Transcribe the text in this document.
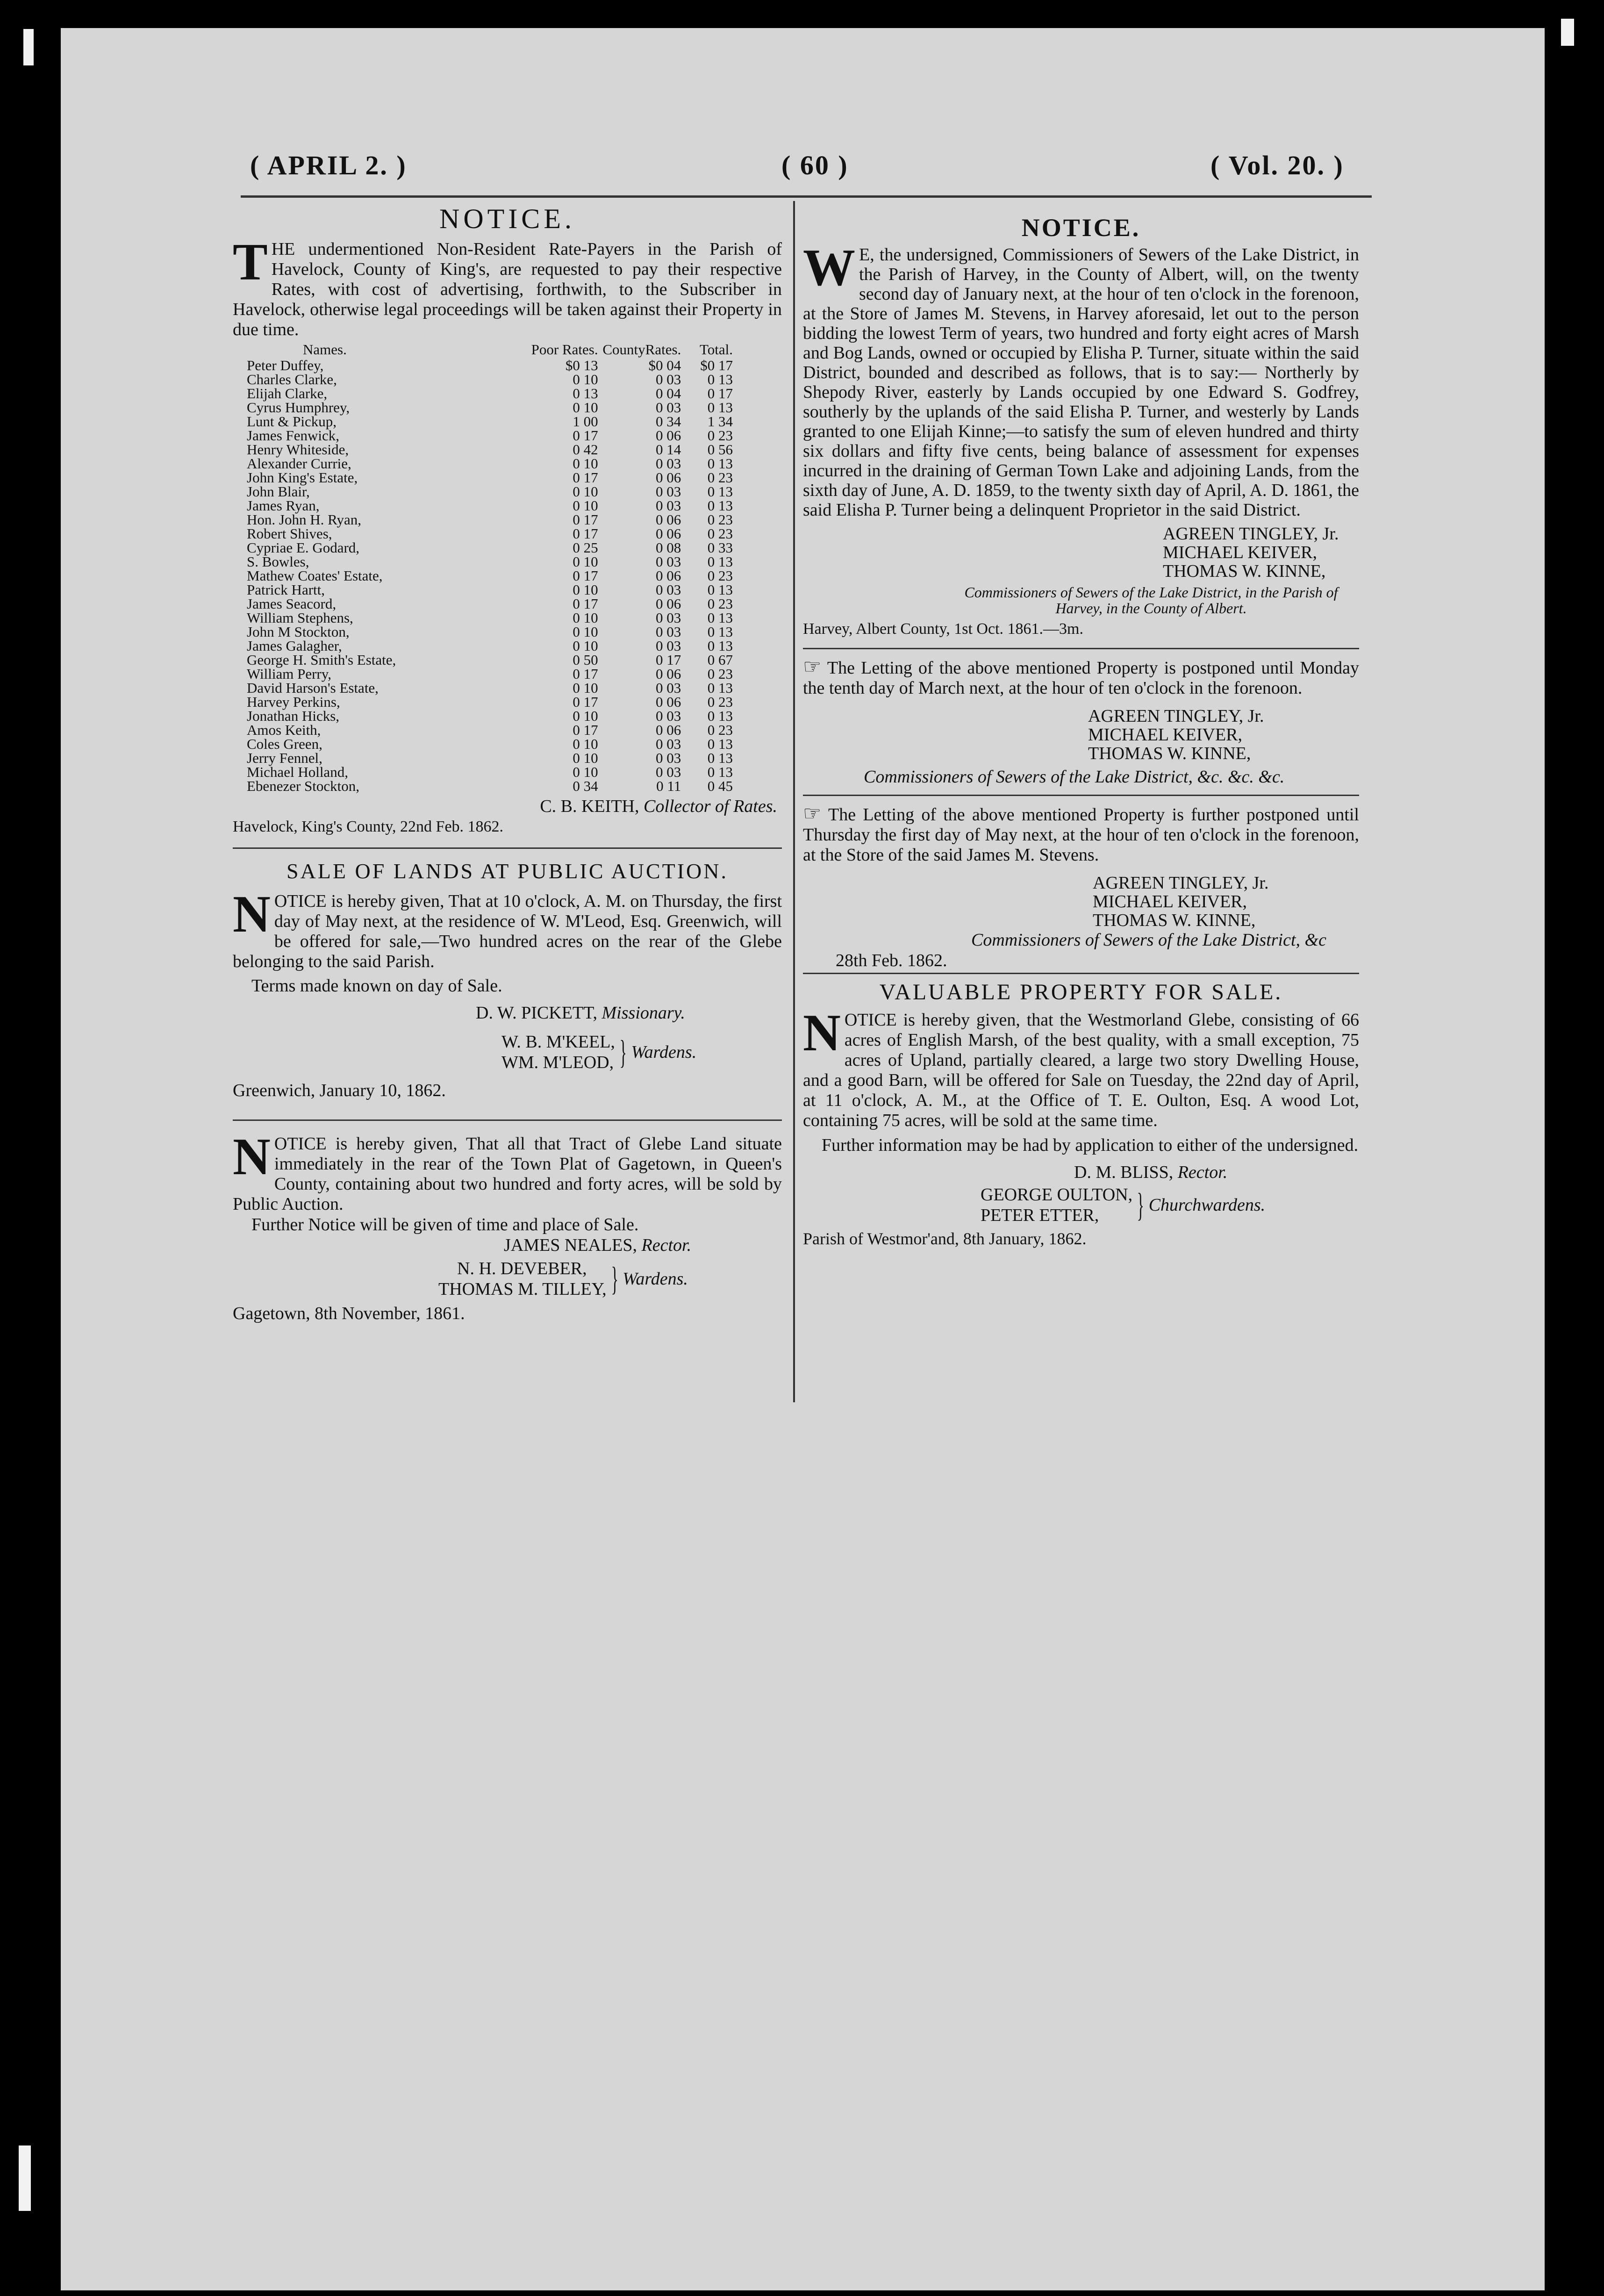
( APRIL 2. )	( 60 )	( Vol. 20. )
NOTICE.

THE undermentioned Non-Resident Rate-Payers in the Parish of Havelock, County of King's, are requested to pay their respective Rates, with cost of advertising, forthwith, to the Subscriber in Havelock, otherwise legal proceedings will be taken against their Property in due time.

Names.	Poor Rates.	CountyRates.	Total.
Peter Duffey,	$0 13	$0 04	$0 17
Charles Clarke,	0 10	0 03	0 13
Elijah Clarke,	0 13	0 04	0 17
Cyrus Humphrey,	0 10	0 03	0 13
Lunt & Pickup,	1 00	0 34	1 34
James Fenwick,	0 17	0 06	0 23
Henry Whiteside,	0 42	0 14	0 56
Alexander Currie,	0 10	0 03	0 13
John King's Estate,	0 17	0 06	0 23
John Blair,	0 10	0 03	0 13
James Ryan,	0 10	0 03	0 13
Hon. John H. Ryan,	0 17	0 06	0 23
Robert Shives,	0 17	0 06	0 23
Cypriae E. Godard,	0 25	0 08	0 33
S. Bowles,	0 10	0 03	0 13
Mathew Coates' Estate,	0 17	0 06	0 23
Patrick Hartt,	0 10	0 03	0 13
James Seacord,	0 17	0 06	0 23
William Stephens,	0 10	0 03	0 13
John M Stockton,	0 10	0 03	0 13
James Galagher,	0 10	0 03	0 13
George H. Smith's Estate,	0 50	0 17	0 67
William Perry,	0 17	0 06	0 23
David Harson's Estate,	0 10	0 03	0 13
Harvey Perkins,	0 17	0 06	0 23
Jonathan Hicks,	0 10	0 03	0 13
Amos Keith,	0 17	0 06	0 23
Coles Green,	0 10	0 03	0 13
Jerry Fennel,	0 10	0 03	0 13
Michael Holland,	0 10	0 03	0 13
Ebenezer Stockton,	0 34	0 11	0 45
C. B. KEITH, Collector of Rates.
Havelock, King's County, 22nd Feb. 1862.
SALE OF LANDS AT PUBLIC AUCTION.

NOTICE is hereby given, That at 10 o'clock, A. M. on Thursday, the first day of May next, at the residence of W. M'Leod, Esq. Greenwich, will be offered for sale,—Two hundred acres on the rear of the Glebe belonging to the said Parish.

Terms made known on day of Sale.
D. W. PICKETT, Missionary.
W. B. M'KEEL,
WM. M'LEOD, } Wardens.
Greenwich, January 10, 1862.

NOTICE is hereby given, That all that Tract of Glebe Land situate immediately in the rear of the Town Plat of Gagetown, in Queen's County, containing about two hundred and forty acres, will be sold by Public Auction.

Further Notice will be given of time and place of Sale.
JAMES NEALES, Rector.
N. H. DEVEBER,
THOMAS M. TILLEY, } Wardens.
Gagetown, 8th November, 1861.
NOTICE.

W E, the undersigned, Commissioners of Sewers of the Lake District, in the Parish of Harvey, in the County of Albert, will, on the twenty second day of January next, at the hour of ten o'clock in the forenoon, at the Store of James M. Stevens, in Harvey aforesaid, let out to the person bidding the lowest Term of years, two hundred and forty eight acres of Marsh and Bog Lands, owned or occupied by Elisha P. Turner, situate within the said District, bounded and described as follows, that is to say:— Northerly by Shepody River, easterly by Lands occupied by one Edward S. Godfrey, southerly by the uplands of the said Elisha P. Turner, and westerly by Lands granted to one Elijah Kinne;—to satisfy the sum of eleven hundred and thirty six dollars and fifty five cents, being balance of assessment for expenses incurred in the draining of German Town Lake and adjoining Lands, from the sixth day of June, A. D. 1859, to the twenty sixth day of April, A. D. 1861, the said Elisha P. Turner being a delinquent Proprietor in the said District.

AGREEN TINGLEY, Jr.
MICHAEL KEIVER,
THOMAS W. KINNE,
Commissioners of Sewers of the Lake District, in the Parish of Harvey, in the County of Albert.
Harvey, Albert County, 1st Oct. 1861.—3m.

☞ The Letting of the above mentioned Property is postponed until Monday the tenth day of March next, at the hour of ten o'clock in the forenoon.

AGREEN TINGLEY, Jr.
MICHAEL KEIVER,
THOMAS W. KINNE,
Commissioners of Sewers of the Lake District, &c. &c. &c.

☞ The Letting of the above mentioned Property is further postponed until Thursday the first day of May next, at the hour of ten o'clock in the forenoon, at the Store of the said James M. Stevens.

AGREEN TINGLEY, Jr.
MICHAEL KEIVER,
THOMAS W. KINNE,
Commissioners of Sewers of the Lake District, &c
28th Feb. 1862.
VALUABLE PROPERTY FOR SALE.

NOTICE is hereby given, that the Westmorland Glebe, consisting of 66 acres of English Marsh, of the best quality, with a small exception, 75 acres of Upland, partially cleared, a large two story Dwelling House, and a good Barn, will be offered for Sale on Tuesday, the 22nd day of April, at 11 o'clock, A. M., at the Office of T. E. Oulton, Esq. A wood Lot, containing 75 acres, will be sold at the same time.

Further information may be had by application to either of the undersigned.

D. M. BLISS, Rector.
GEORGE OULTON,
PETER ETTER,	} Churchwardens.
Parish of Westmor'and, 8th January, 1862.
